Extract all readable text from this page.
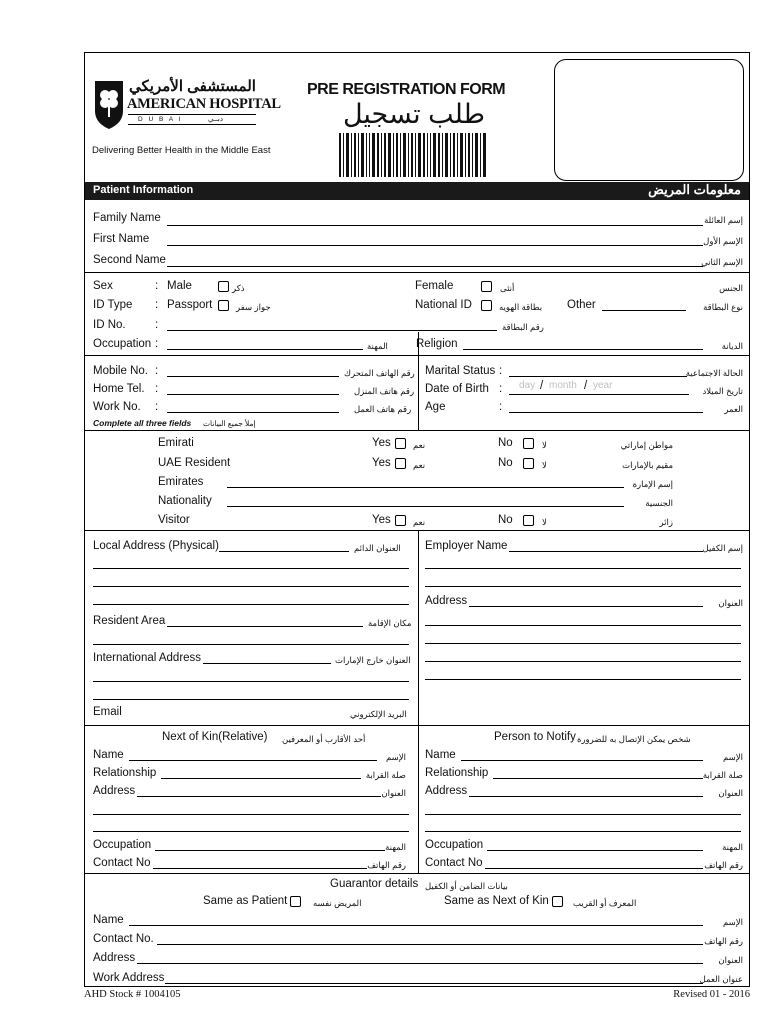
المستشفى الأمريكي
AMERICAN HOSPITAL
D U B A I	دبــي
Delivering Better Health in the Middle East
PRE REGISTRATION FORM
طلب تسجيل
Patient Information	معلومات المريض
Family Name	إسم العائلة
First Name	الإسم الأول
Second Name	الإسم الثاني
Sex	: Male	ذكر	Female	أنثى	الجنس
ID Type : Passport	جواز سفر	National ID	بطاقة الهويه Other	نوع البطاقة
ID No.	:	رقم البطاقة
Occupation :	المهنة Religion	الديانة
Mobile No. :	رقم الهاتف المتحرك
Home Tel. :	رقم هاتف المنزل
Work No. :	رقم هاتف العمل
Complete all three fields إملأ جميع البيانات
Marital Status :	الحالة الاجتماعية
Date of Birth : day / month / year	تاريخ الميلاد
Age	:	العمر
Emirati	Yes	نعم	No	لا	مواطن إماراتي
UAE Resident	Yes	نعم	No	لا	مقيم بالإمارات
Emirates	إسم الإمارة
Nationality	الجنسية
Visitor	Yes	نعم	No	لا	زائر
Local Address (Physical)	العنوان الدائم
Resident Area	مكان الإقامة
International Address	العنوان خارج الإمارات
Email	البريد الإلكتروني
Employer Name	إسم الكفيل
Address	العنوان
Next of Kin(Relative) أحد الأقارب أو المعرفين
Name	الإسم
Relationship	صلة القرابة
Address	العنوان
Occupation	المهنة
Contact No	رقم الهاتف
Person to Notify شخص يمكن الإتصال به للضرورة
Name	الإسم
Relationship	صلة القرابة
Address	العنوان
Occupation	المهنة
Contact No	رقم الهاتف
Guarantor details بيانات الضامن أو الكفيل
Same as Patient	المريض نفسه	Same as Next of Kin	المعرف أو القريب
Name	الإسم
Contact No.	رقم الهاتف
Address	العنوان
Work Address	عنوان العمل
AHD Stock # 1004105	Revised 01 - 2016
